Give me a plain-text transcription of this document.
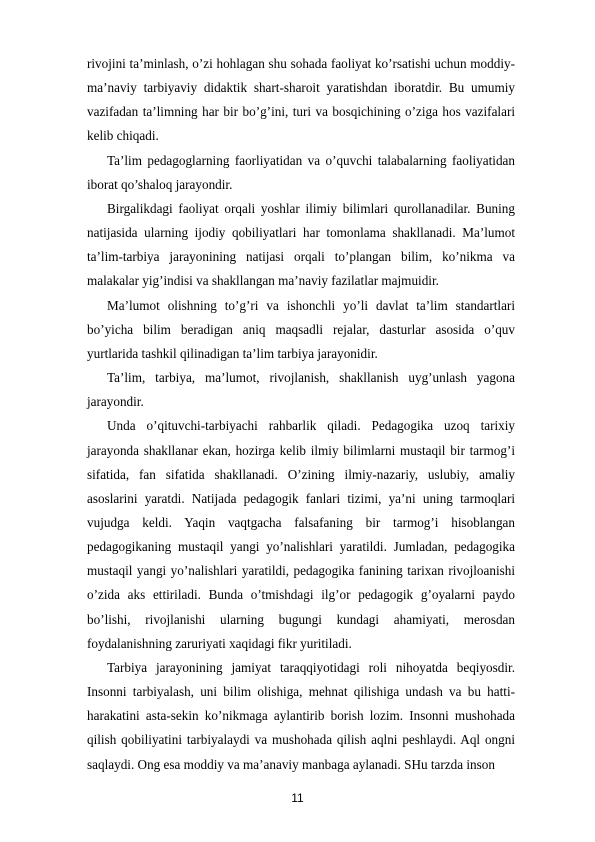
rivojini ta’minlash, o’zi hohlagan shu sohada faoliyat ko’rsatishi uchun moddiy-ma’naviy tarbiyaviy didaktik shart-sharoit yaratishdan iboratdir. Bu umumiy vazifadan ta’limning har bir bo’g’ini, turi va bosqichining o’ziga hos vazifalari kelib chiqadi.

Ta’lim pedagoglarning faorliyatidan va o’quvchi talabalarning faoliyatidan iborat qo’shaloq jarayondir.

Birgalikdagi faoliyat orqali yoshlar ilimiy bilimlari qurollanadilar. Buning natijasida ularning ijodiy qobiliyatlari har tomonlama shakllanadi. Ma’lumot ta’lim-tarbiya jarayonining natijasi orqali to’plangan bilim, ko’nikma va malakalar yig’indisi va shakllangan ma’naviy fazilatlar majmuidir.

Ma’lumot olishning to’g’ri va ishonchli yo’li davlat ta’lim standartlari bo’yicha bilim beradigan aniq maqsadli rejalar, dasturlar asosida o’quv yurtlarida tashkil qilinadigan ta’lim tarbiya jarayonidir.

Ta’lim, tarbiya, ma’lumot, rivojlanish, shakllanish uyg’unlash yagona jarayondir.

Unda o’qituvchi-tarbiyachi rahbarlik qiladi. Pedagogika uzoq tarixiy jarayonda shakllanar ekan, hozirga kelib ilmiy bilimlarni mustaqil bir tarmog’i sifatida, fan sifatida shakllanadi. O’zining ilmiy-nazariy, uslubiy, amaliy asoslarini yaratdi. Natijada pedagogik fanlari tizimi, ya’ni uning tarmoqlari vujudga keldi. Yaqin vaqtgacha falsafaning bir tarmog’i hisoblangan pedagogikaning mustaqil yangi yo’nalishlari yaratildi. Jumladan, pedagogika mustaqil yangi yo’nalishlari yaratildi, pedagogika fanining tarixan rivojloanishi o’zida aks ettiriladi. Bunda o’tmishdagi ilg’or pedagogik g’oyalarni paydo bo’lishi, rivojlanishi ularning bugungi kundagi ahamiyati, merosdan foydalanishning zaruriyati xaqidagi fikr yuritiladi.

Tarbiya jarayonining jamiyat taraqqiyotidagi roli nihoyatda beqiyosdir. Insonni tarbiyalash, uni bilim olishiga, mehnat qilishiga undash va bu hatti-harakatini asta-sekin ko’nikmaga aylantirib borish lozim. Insonni mushohada qilish qobiliyatini tarbiyalaydi va mushohada qilish aqlni peshlaydi. Aql ongni saqlaydi. Ong esa moddiy va ma’anaviy manbaga aylanadi. SHu tarzda inson

11
